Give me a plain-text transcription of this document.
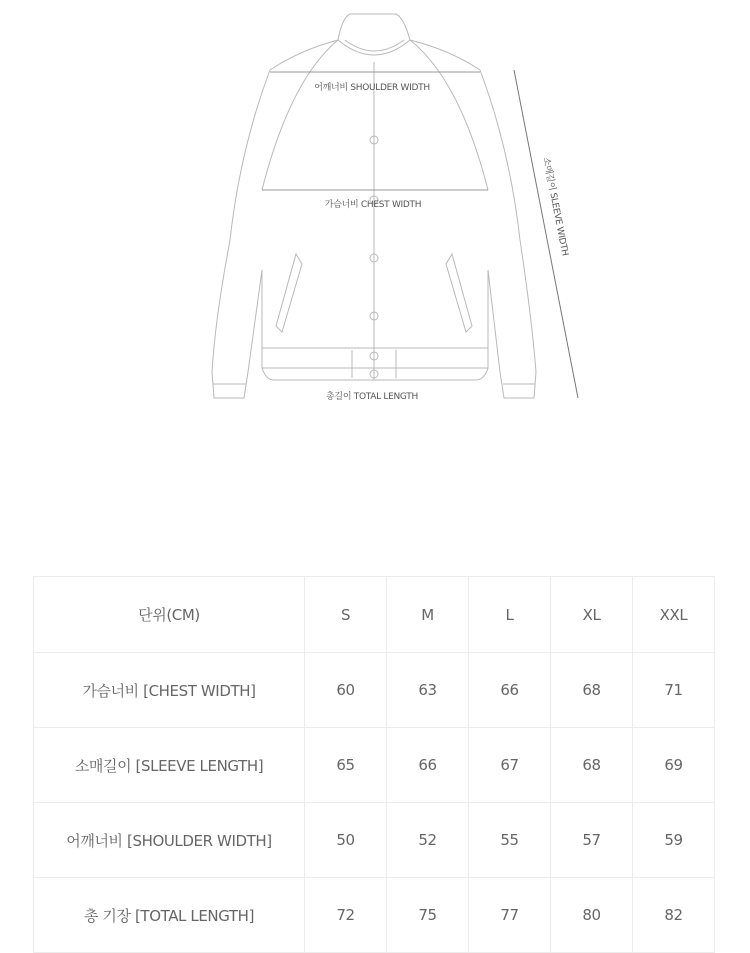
어깨너비 SHOULDER WIDTH
가슴너비 CHEST WIDTH
총길이 TOTAL LENGTH
소매길이 SLEEVE WIDTH
단위(CM)	S	M	L	XL	XXL
가슴너비 [CHEST WIDTH]	60	63	66	68	71
소매길이 [SLEEVE LENGTH]	65	66	67	68	69
어깨너비 [SHOULDER WIDTH]	50	52	55	57	59
총 기장 [TOTAL LENGTH]	72	75	77	80	82
